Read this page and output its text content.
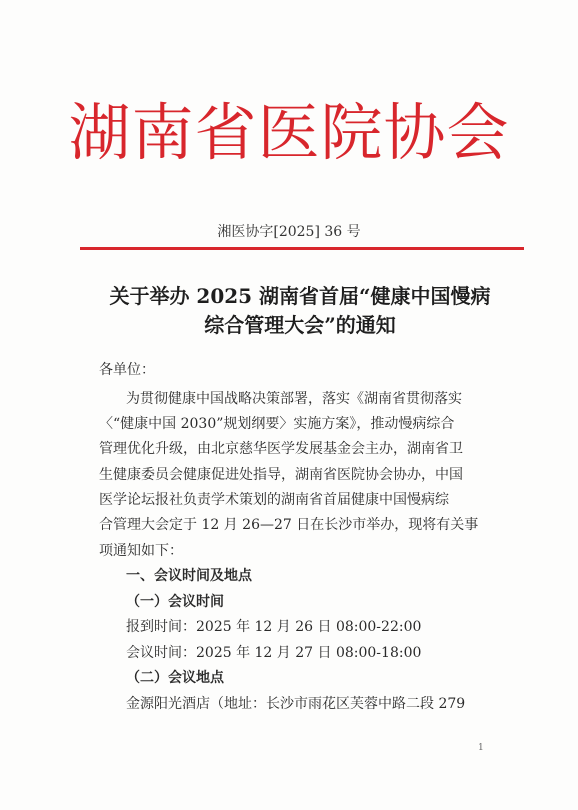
湖南省医院协会
湘医协字[2025] 36 号
关于举办 2025 湖南省首届“健康中国慢病
综合管理大会”的通知
各单位：
为贯彻健康中国战略决策部署，落实《湖南省贯彻落实
〈“健康中国 2030”规划纲要〉实施方案》，推动慢病综合
管理优化升级，由北京慈华医学发展基金会主办，湖南省卫
生健康委员会健康促进处指导，湖南省医院协会协办，中国
医学论坛报社负责学术策划的湖南省首届健康中国慢病综
合管理大会定于 12 月 26—27 日在长沙市举办，现将有关事
项通知如下：
一、会议时间及地点
（一）会议时间
报到时间：2025 年 12 月 26 日 08:00-22:00
会议时间：2025 年 12 月 27 日 08:00-18:00
（二）会议地点
金源阳光酒店（地址：长沙市雨花区芙蓉中路二段 279
1
